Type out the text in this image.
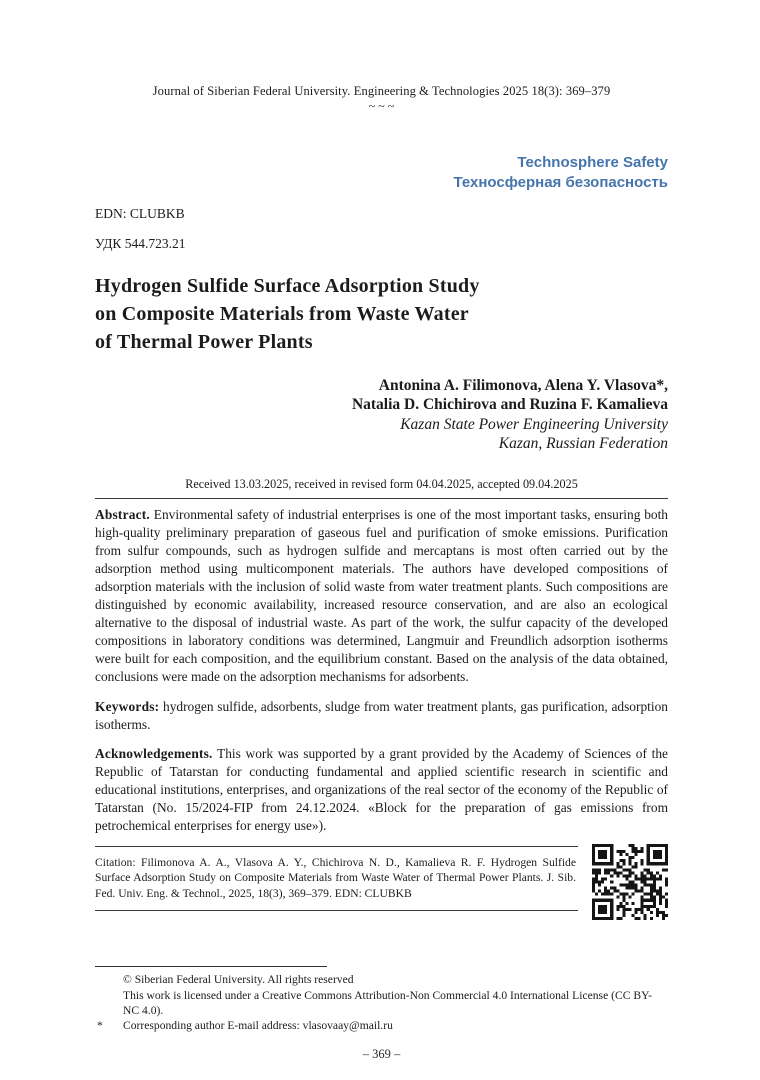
Journal of Siberian Federal University. Engineering & Technologies 2025 18(3): 369–379
~ ~ ~
Technosphere Safety
Техносферная безопасность
EDN: CLUBKB
УДК 544.723.21
Hydrogen Sulfide Surface Adsorption Study
on Composite Materials from Waste Water
of Thermal Power Plants
Antonina A. Filimonova, Alena Y. Vlasova*,
Natalia D. Chichirova and Ruzina F. Kamalieva
Kazan State Power Engineering University
Kazan, Russian Federation
Received 13.03.2025, received in revised form 04.04.2025, accepted 09.04.2025

Abstract. Environmental safety of industrial enterprises is one of the most important tasks, ensuring both high-quality preliminary preparation of gaseous fuel and purification of smoke emissions. Purification from sulfur compounds, such as hydrogen sulfide and mercaptans is most often carried out by the adsorption method using multicomponent materials. The authors have developed compositions of adsorption materials with the inclusion of solid waste from water treatment plants. Such compositions are distinguished by economic availability, increased resource conservation, and are also an ecological alternative to the disposal of industrial waste. As part of the work, the sulfur capacity of the developed compositions in laboratory conditions was determined, Langmuir and Freundlich adsorption isotherms were built for each composition, and the equilibrium constant. Based on the analysis of the data obtained, conclusions were made on the adsorption mechanisms for adsorbents.

Keywords: hydrogen sulfide, adsorbents, sludge from water treatment plants, gas purification, adsorption isotherms.

Acknowledgements. This work was supported by a grant provided by the Academy of Sciences of the Republic of Tatarstan for conducting fundamental and applied scientific research in scientific and educational institutions, enterprises, and organizations of the real sector of the economy of the Republic of Tatarstan (No. 15/2024-FIP from 24.12.2024. «Block for the preparation of gas emissions from petrochemical enterprises for energy use»).

Citation: Filimonova A. A., Vlasova A. Y., Chichirova N. D., Kamalieva R. F. Hydrogen Sulfide Surface Adsorption Study on Composite Materials from Waste Water of Thermal Power Plants. J. Sib. Fed. Univ. Eng. & Technol., 2025, 18(3), 369–379. EDN: CLUBKB
© Siberian Federal University. All rights reserved
This work is licensed under a Creative Commons Attribution-Non Commercial 4.0 International License (CC BY-NC 4.0).
* Corresponding author E-mail address: vlasovaay@mail.ru
– 369 –
